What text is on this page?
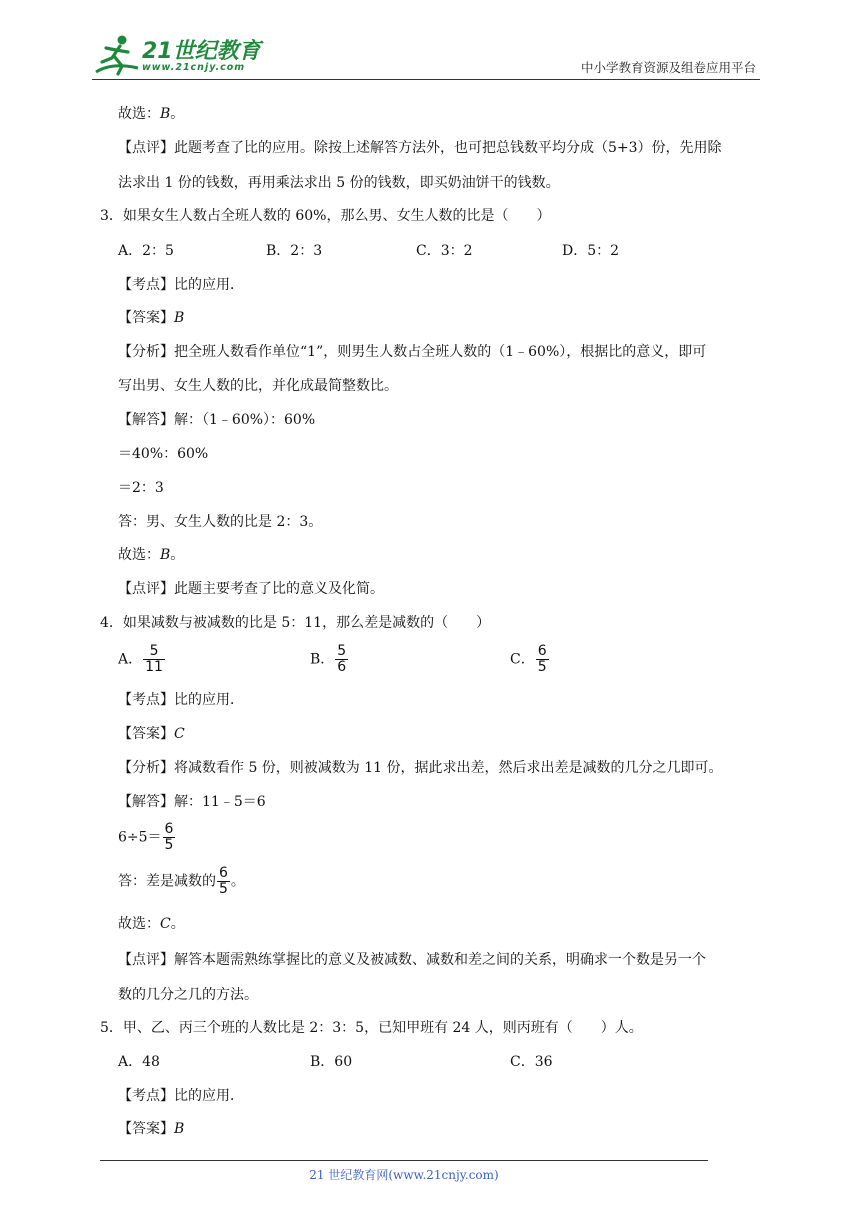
21世纪教育
www.21cnjy.com	中小学教育资源及组卷应用平台
故选：B。
【点评】此题考查了比的应用。除按上述解答方法外，也可把总钱数平均分成（5+3）份，先用除
法求出 1 份的钱数，再用乘法求出 5 份的钱数，即买奶油饼干的钱数。
3．如果女生人数占全班人数的 60%，那么男、女生人数的比是（　　）
A．2：5	B．2：3	C．3：2	D．5：2
【考点】比的应用．
【答案】B
【分析】把全班人数看作单位“1”，则男生人数占全班人数的（1﹣60%），根据比的意义，即可
写出男、女生人数的比，并化成最简整数比。
【解答】解：（1﹣60%）：60%
＝40%：60%
＝2：3
答：男、女生人数的比是 2：3。
故选：B。
【点评】此题主要考查了比的意义及化简。
4．如果减数与被减数的比是 5：11，那么差是减数的（　　）
A． $\frac{5}{11}$	B． $\frac{5}{6}$	C． $\frac{6}{5}$
【考点】比的应用．
【答案】C
【分析】将减数看作 5 份，则被减数为 11 份，据此求出差，然后求出差是减数的几分之几即可。
【解答】解：11﹣5＝6
$6\div 5= \frac{6}{5}$
答：差是减数的 $\frac{6}{5}$ 。
故选：C。
【点评】解答本题需熟练掌握比的意义及被减数、减数和差之间的关系，明确求一个数是另一个
数的几分之几的方法。
5．甲、乙、丙三个班的人数比是 2：3：5，已知甲班有 24 人，则丙班有（　　）人。
A．48	B．60	C．36
【考点】比的应用．
【答案】B
21 世纪教育网(www.21cnjy.com)
